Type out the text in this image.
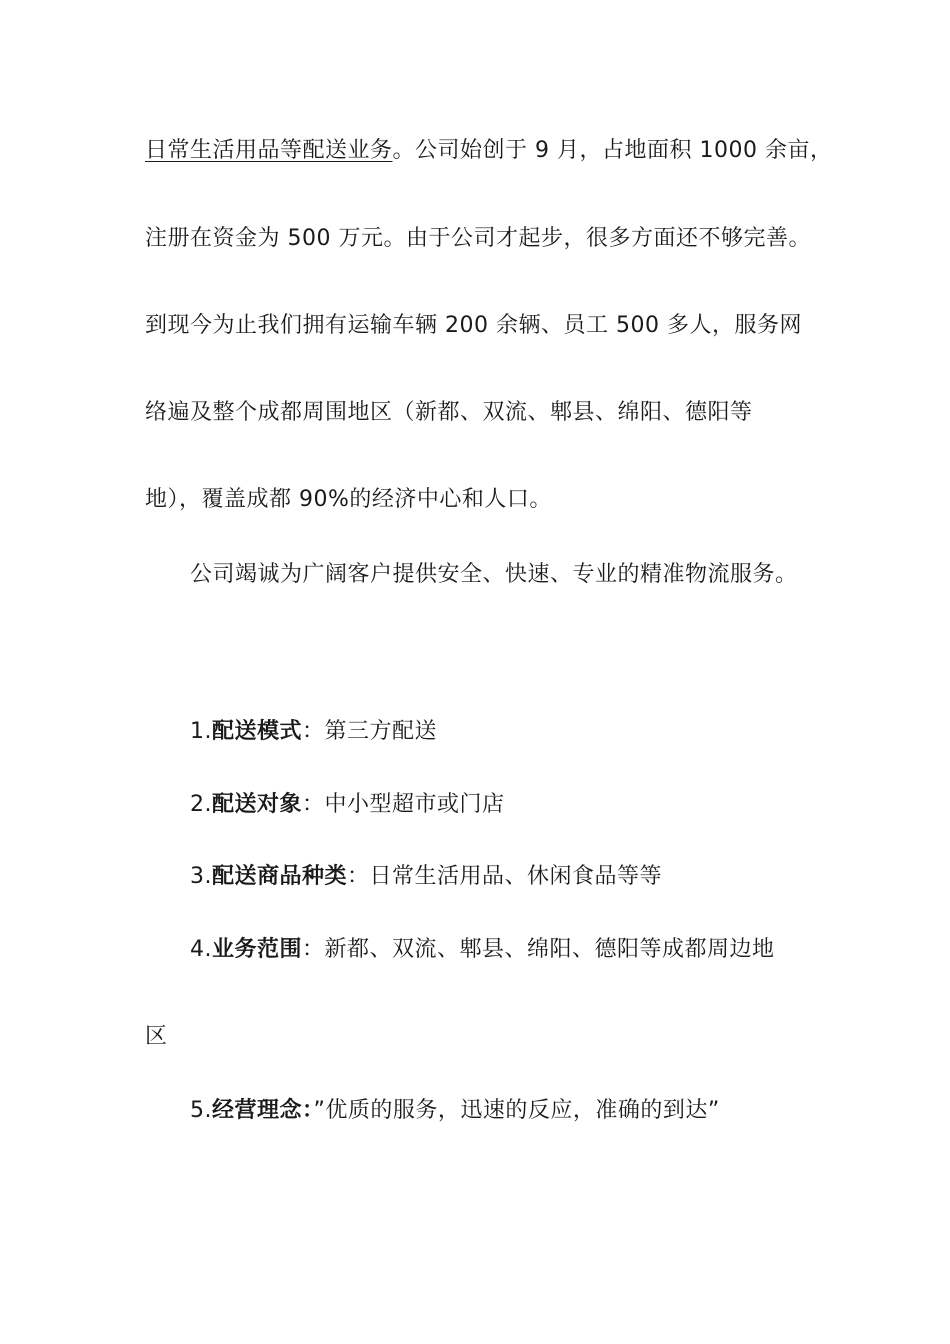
日常生活用品等配送业务。公司始创于 9 月，占地面积 1000 余亩，
注册在资金为 500 万元。由于公司才起步，很多方面还不够完善。
到现今为止我们拥有运输车辆 200 余辆、员工 500 多人，服务网
络遍及整个成都周围地区（新都、双流、郫县、绵阳、德阳等
地），覆盖成都 90%的经济中心和人口。
公司竭诚为广阔客户提供安全、快速、专业的精准物流服务。
1.配送模式：第三方配送
2.配送对象：中小型超市或门店
3.配送商品种类：日常生活用品、休闲食品等等
4.业务范围：新都、双流、郫县、绵阳、德阳等成都周边地
区
5.经营理念：”优质的服务，迅速的反应，准确的到达”
